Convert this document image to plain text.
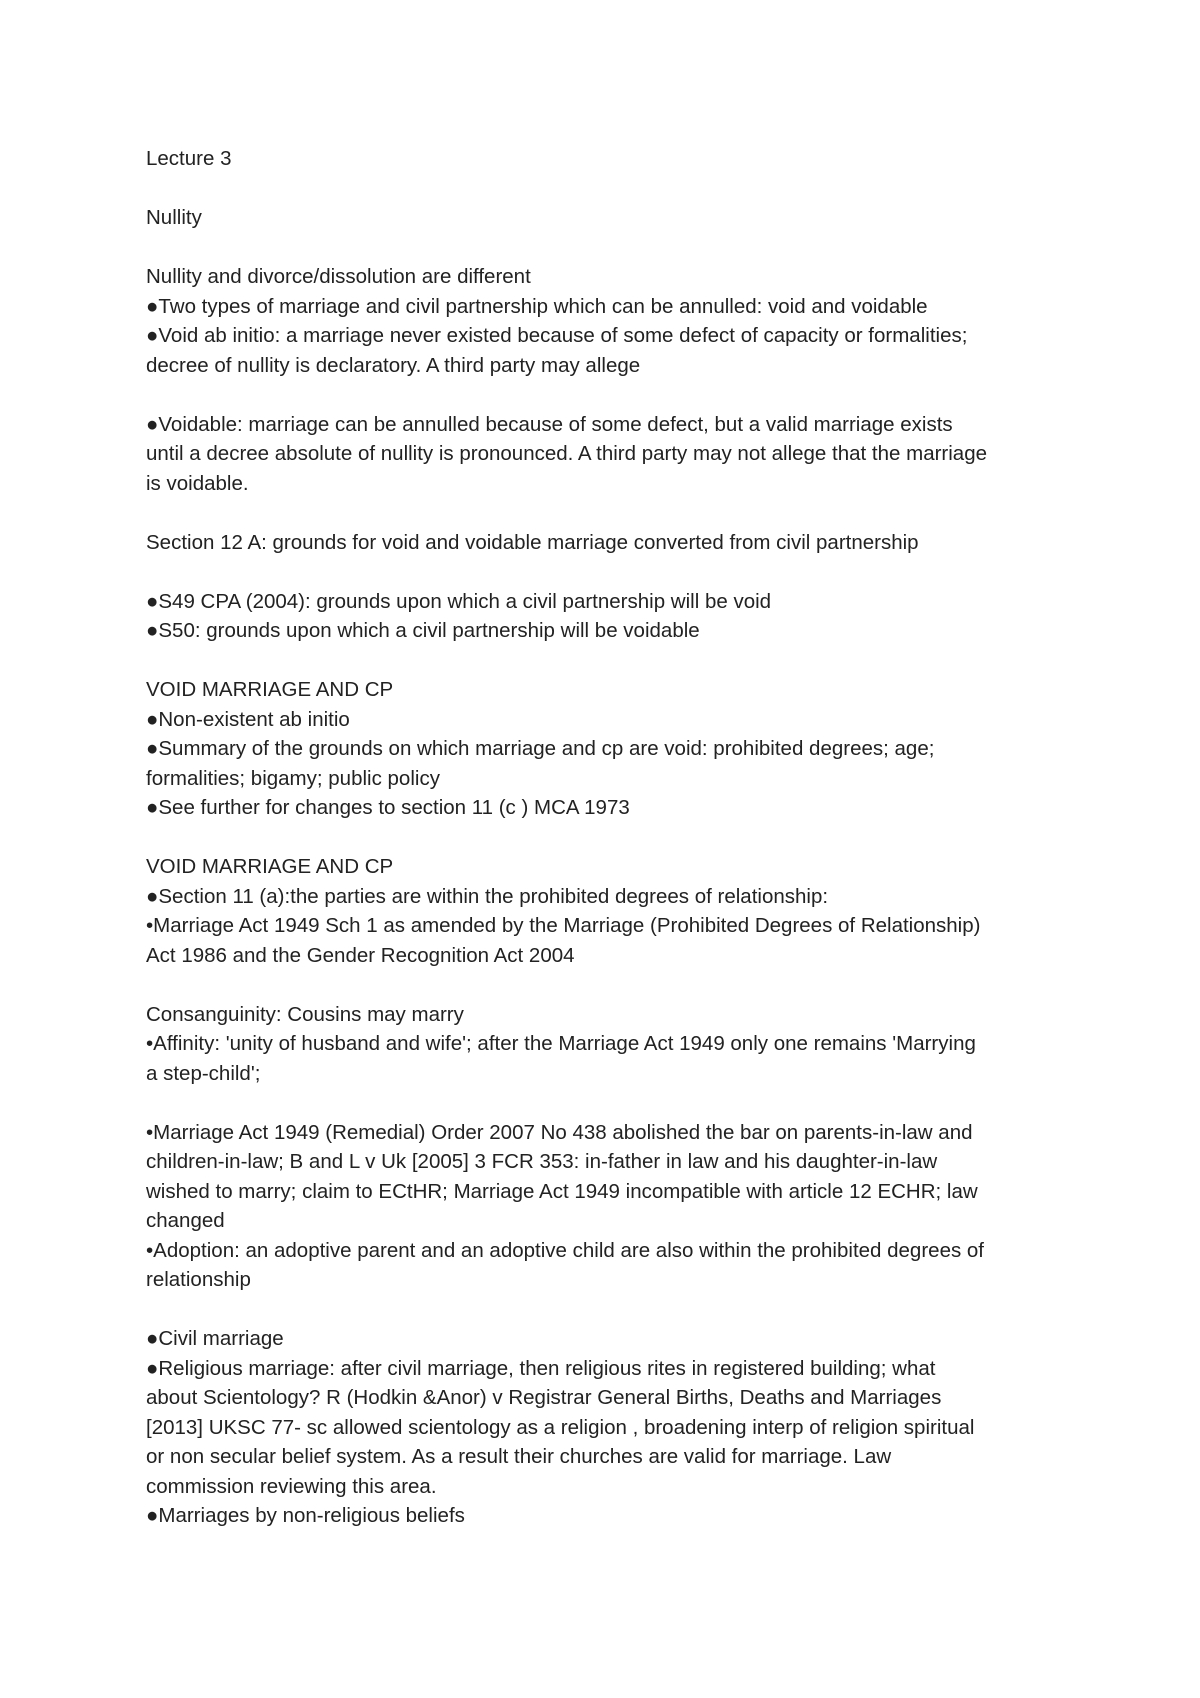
Lecture 3

Nullity

Nullity and divorce/dissolution are different

●Two types of marriage and civil partnership which can be annulled: void and voidable

●Void ab initio: a marriage never existed because of some defect of capacity or formalities;

decree of nullity is declaratory. A third party may allege

●Voidable: marriage can be annulled because of some defect, but a valid marriage exists

until a decree absolute of nullity is pronounced. A third party may not allege that the marriage

is voidable.

Section 12 A: grounds for void and voidable marriage converted from civil partnership

●S49 CPA (2004): grounds upon which a civil partnership will be void

●S50: grounds upon which a civil partnership will be voidable

VOID MARRIAGE AND CP

●Non-existent ab initio

●Summary of the grounds on which marriage and cp are void: prohibited degrees; age;

formalities; bigamy; public policy

●See further for changes to section 11 (c ) MCA 1973

VOID MARRIAGE AND CP

●Section 11 (a):the parties are within the prohibited degrees of relationship:

•Marriage Act 1949 Sch 1 as amended by the Marriage (Prohibited Degrees of Relationship)

Act 1986 and the Gender Recognition Act 2004

Consanguinity: Cousins may marry

•Affinity: 'unity of husband and wife'; after the Marriage Act 1949 only one remains 'Marrying

a step-child';

•Marriage Act 1949 (Remedial) Order 2007 No 438 abolished the bar on parents-in-law and

children-in-law; B and L v Uk [2005] 3 FCR 353: in-father in law and his daughter-in-law

wished to marry; claim to ECtHR; Marriage Act 1949 incompatible with article 12 ECHR; law

changed

•Adoption: an adoptive parent and an adoptive child are also within the prohibited degrees of

relationship

●Civil marriage

●Religious marriage: after civil marriage, then religious rites in registered building; what

about Scientology? R (Hodkin &Anor) v Registrar General Births, Deaths and Marriages

[2013] UKSC 77- sc allowed scientology as a religion , broadening interp of religion spiritual

or non secular belief system. As a result their churches are valid for marriage. Law

commission reviewing this area.

●Marriages by non-religious beliefs
